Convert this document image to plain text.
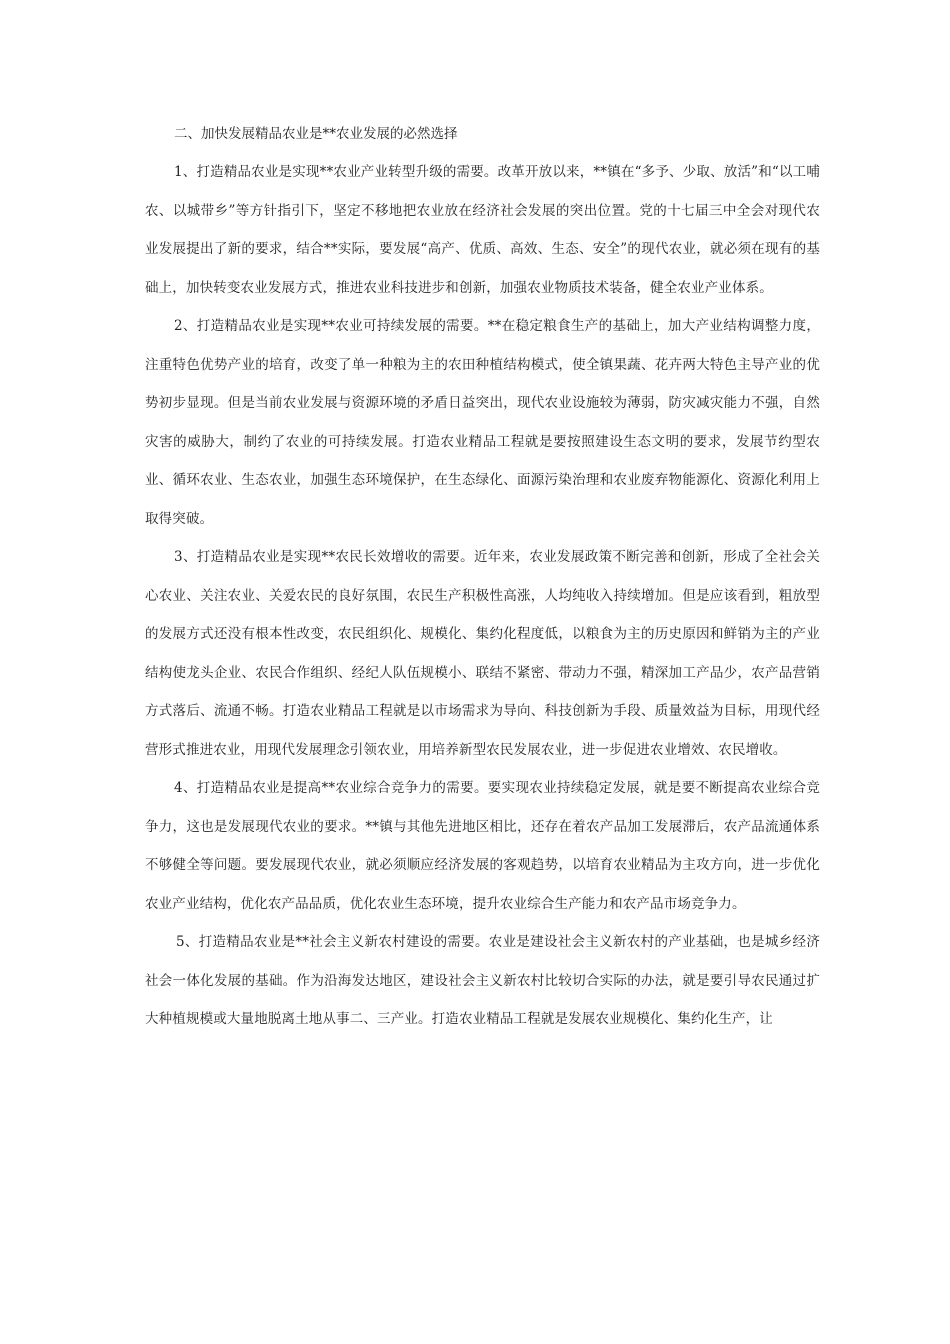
二、加快发展精品农业是**农业发展的必然选择

1、打造精品农业是实现**农业产业转型升级的需要。改革开放以来，**镇在“多予、少取、放活”和“以工哺农、以城带乡”等方针指引下，坚定不移地把农业放在经济社会发展的突出位置。党的十七届三中全会对现代农业发展提出了新的要求，结合**实际，要发展“高产、优质、高效、生态、安全”的现代农业，就必须在现有的基础上，加快转变农业发展方式，推进农业科技进步和创新，加强农业物质技术装备，健全农业产业体系。

2、打造精品农业是实现**农业可持续发展的需要。**在稳定粮食生产的基础上，加大产业结构调整力度，注重特色优势产业的培育，改变了单一种粮为主的农田种植结构模式，使全镇果蔬、花卉两大特色主导产业的优势初步显现。但是当前农业发展与资源环境的矛盾日益突出，现代农业设施较为薄弱，防灾减灾能力不强，自然灾害的威胁大，制约了农业的可持续发展。打造农业精品工程就是要按照建设生态文明的要求，发展节约型农业、循环农业、生态农业，加强生态环境保护，在生态绿化、面源污染治理和农业废弃物能源化、资源化利用上取得突破。

3、打造精品农业是实现**农民长效增收的需要。近年来，农业发展政策不断完善和创新，形成了全社会关心农业、关注农业、关爱农民的良好氛围，农民生产积极性高涨，人均纯收入持续增加。但是应该看到，粗放型的发展方式还没有根本性改变，农民组织化、规模化、集约化程度低，以粮食为主的历史原因和鲜销为主的产业结构使龙头企业、农民合作组织、经纪人队伍规模小、联结不紧密、带动力不强，精深加工产品少，农产品营销方式落后、流通不畅。打造农业精品工程就是以市场需求为导向、科技创新为手段、质量效益为目标，用现代经营形式推进农业，用现代发展理念引领农业，用培养新型农民发展农业，进一步促进农业增效、农民增收。

4、打造精品农业是提高**农业综合竞争力的需要。要实现农业持续稳定发展，就是要不断提高农业综合竞争力，这也是发展现代农业的要求。**镇与其他先进地区相比，还存在着农产品加工发展滞后，农产品流通体系不够健全等问题。要发展现代农业，就必须顺应经济发展的客观趋势，以培育农业精品为主攻方向，进一步优化农业产业结构，优化农产品品质，优化农业生态环境，提升农业综合生产能力和农产品市场竞争力。

5、打造精品农业是**社会主义新农村建设的需要。农业是建设社会主义新农村的产业基础，也是城乡经济社会一体化发展的基础。作为沿海发达地区，建设社会主义新农村比较切合实际的办法，就是要引导农民通过扩大种植规模或大量地脱离土地从事二、三产业。打造农业精品工程就是发展农业规模化、集约化生产，让
